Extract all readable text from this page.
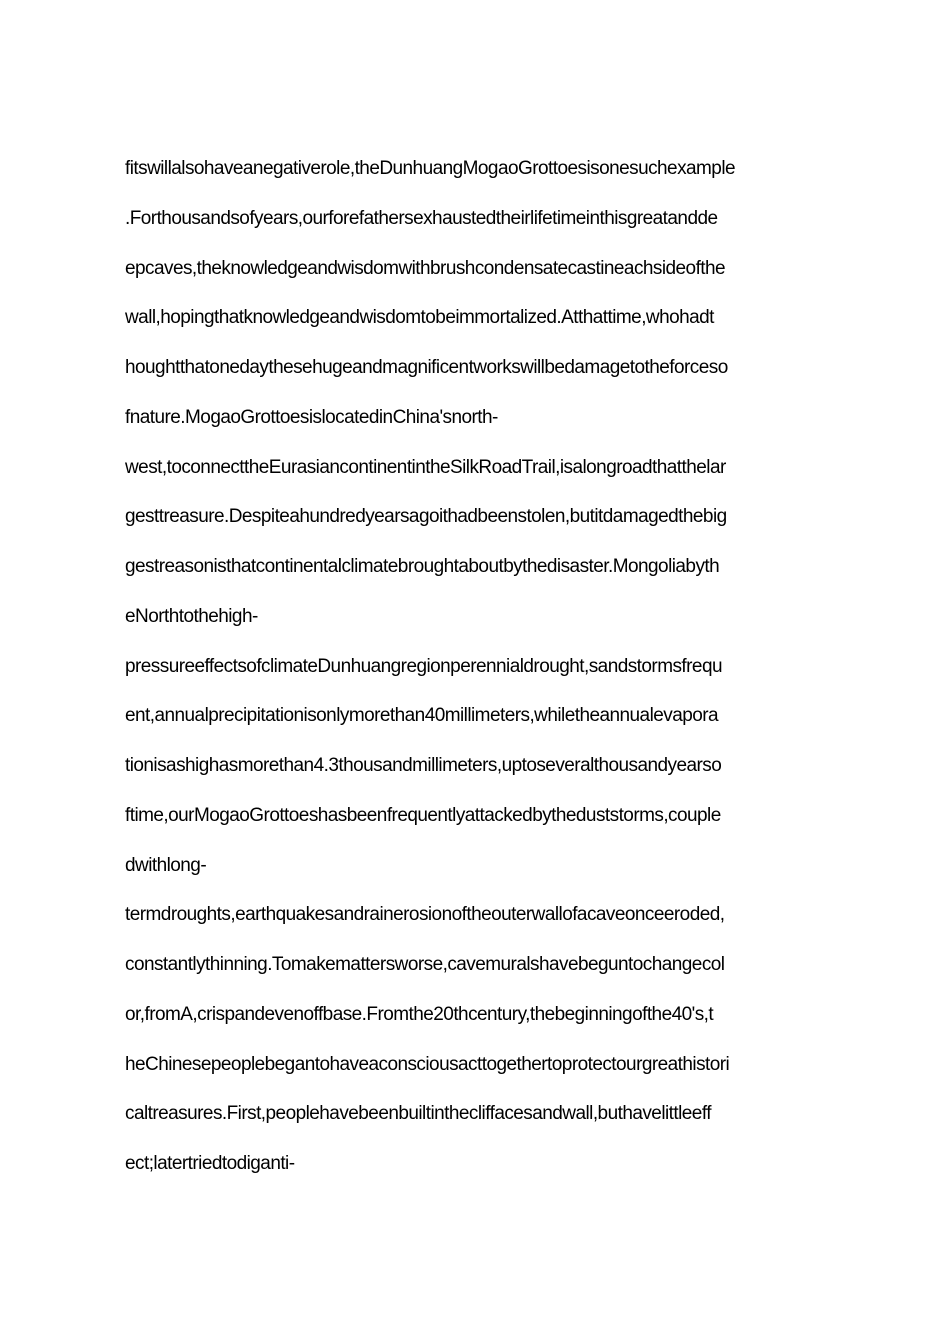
fitswillalsohaveanegativerole,theDunhuangMogaoGrottoesisonesuchexample
.Forthousandsofyears,ourforefathersexhaustedtheirlifetimeinthisgreatandde
epcaves,theknowledgeandwisdomwithbrushcondensatecastineachsideofthe
wall,hopingthatknowledgeandwisdomtobeimmortalized.Atthattime,whohadt
houghtthatonedaythesehugeandmagnificentworkswillbedamagetotheforceso
fnature.MogaoGrottoesislocatedinChina'snorth-
west,toconnecttheEurasiancontinentintheSilkRoadTrail,isalongroadthatthelar
gesttreasure.Despiteahundredyearsagoithadbeenstolen,butitdamagedthebig
gestreasonisthatcontinentalclimatebroughtaboutbythedisaster.Mongoliabyth
eNorthtothehigh-
pressureeffectsofclimateDunhuangregionperennialdrought,sandstormsfrequ
ent,annualprecipitationisonlymorethan40millimeters,whiletheannualevapora
tionisashighasmorethan4.3thousandmillimeters,uptoseveralthousandyearso
ftime,ourMogaoGrottoeshasbeenfrequentlyattackedbytheduststorms,couple
dwithlong-
termdroughts,earthquakesandrainerosionoftheouterwallofacaveonceeroded,
constantlythinning.Tomakemattersworse,cavemuralshavebeguntochangecol
or,fromA,crispandevenoffbase.Fromthe20thcentury,thebeginningofthe40's,t
heChinesepeoplebegantohaveaconsciousacttogethertoprotectourgreathistori
caltreasures.First,peoplehavebeenbuiltinthecliffacesandwall,buthavelittleeff
ect;latertriedtodiganti-
